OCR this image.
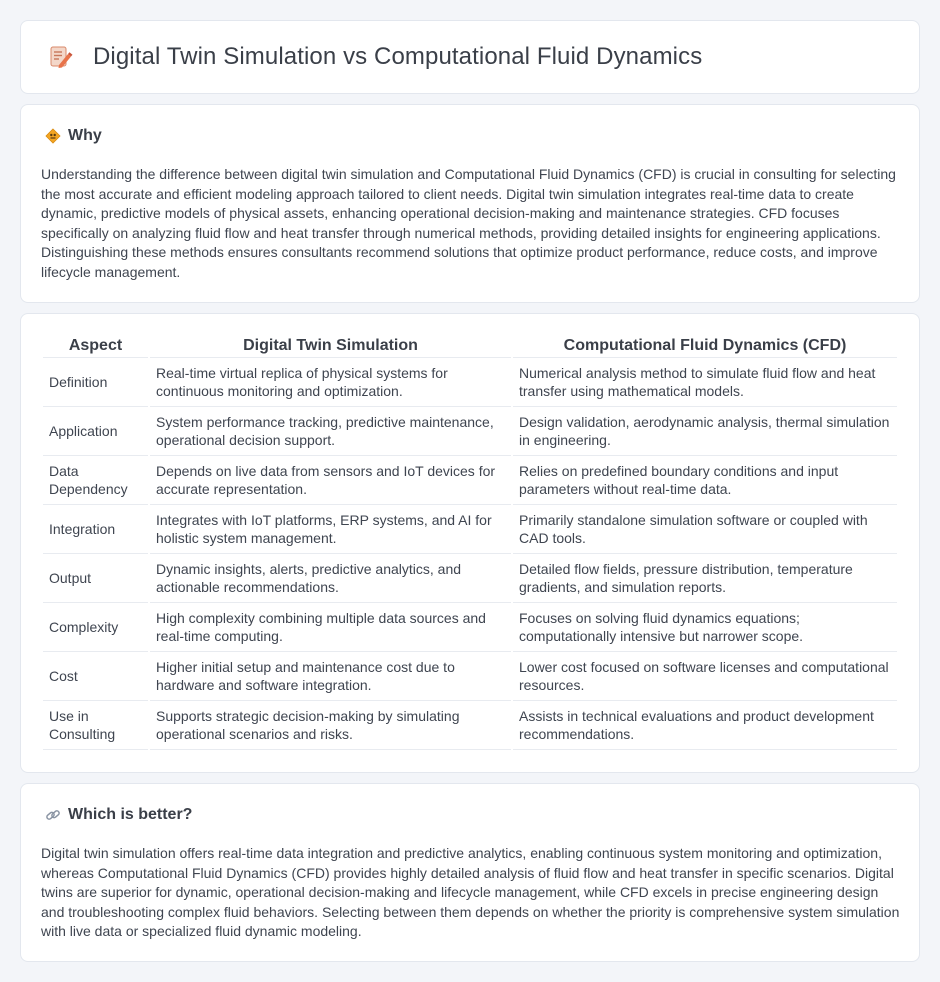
Digital Twin Simulation vs Computational Fluid Dynamics
Why

Understanding the difference between digital twin simulation and Computational Fluid Dynamics (CFD) is crucial in consulting for selecting the most accurate and efficient modeling approach tailored to client needs. Digital twin simulation integrates real-time data to create dynamic, predictive models of physical assets, enhancing operational decision-making and maintenance strategies. CFD focuses specifically on analyzing fluid flow and heat transfer through numerical methods, providing detailed insights for engineering applications. Distinguishing these methods ensures consultants recommend solutions that optimize product performance, reduce costs, and improve lifecycle management.

Aspect	Digital Twin Simulation	Computational Fluid Dynamics (CFD)
Definition	Real-time virtual replica of physical systems for continuous monitoring and optimization.	Numerical analysis method to simulate fluid flow and heat transfer using mathematical models.
Application	System performance tracking, predictive maintenance, operational decision support.	Design validation, aerodynamic analysis, thermal simulation in engineering.
Data Dependency	Depends on live data from sensors and IoT devices for accurate representation.	Relies on predefined boundary conditions and input parameters without real-time data.
Integration	Integrates with IoT platforms, ERP systems, and AI for holistic system management.	Primarily standalone simulation software or coupled with CAD tools.
Output	Dynamic insights, alerts, predictive analytics, and actionable recommendations.	Detailed flow fields, pressure distribution, temperature gradients, and simulation reports.
Complexity	High complexity combining multiple data sources and real-time computing.	Focuses on solving fluid dynamics equations; computationally intensive but narrower scope.
Cost	Higher initial setup and maintenance cost due to hardware and software integration.	Lower cost focused on software licenses and computational resources.
Use in Consulting	Supports strategic decision-making by simulating operational scenarios and risks.	Assists in technical evaluations and product development recommendations.
Which is better?

Digital twin simulation offers real-time data integration and predictive analytics, enabling continuous system monitoring and optimization, whereas Computational Fluid Dynamics (CFD) provides highly detailed analysis of fluid flow and heat transfer in specific scenarios. Digital twins are superior for dynamic, operational decision-making and lifecycle management, while CFD excels in precise engineering design and troubleshooting complex fluid behaviors. Selecting between them depends on whether the priority is comprehensive system simulation with live data or specialized fluid dynamic modeling.
